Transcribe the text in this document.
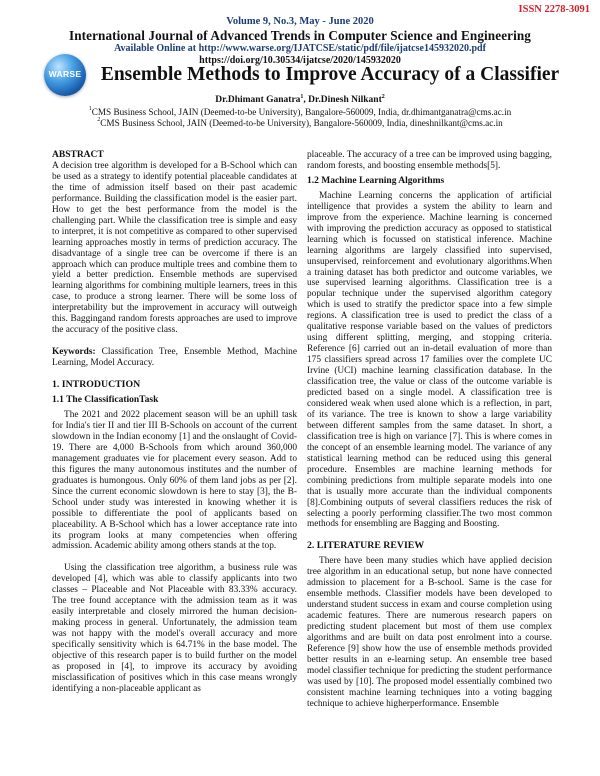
ISSN 2278-3091
Volume 9, No.3, May - June 2020
International Journal of Advanced Trends in Computer Science and Engineering
Available Online at http://www.warse.org/IJATCSE/static/pdf/file/ijatcse145932020.pdf
https://doi.org/10.30534/ijatcse/2020/145932020
WARSE Ensemble Methods to Improve Accuracy of a Classifier
Dr.Dhimant Ganatra$^1$, Dr.Dinesh Nilkant$^2$
$^1$CMS Business School, JAIN (Deemed-to-be University), Bangalore-560009, India, dr.dhimantganatra@cms.ac.in
$^2$CMS Business School, JAIN (Deemed-to-be University), Bangalore-560009, India, dineshnilkant@cms.ac.in

ABSTRACT

A decision tree algorithm is developed for a B-School which can be used as a strategy to identify potential placeable candidates at the time of admission itself based on their past academic performance. Building the classification model is the easier part. How to get the best performance from the model is the challenging part. While the classification tree is simple and easy to interpret, it is not competitive as compared to other supervised learning approaches mostly in terms of prediction accuracy. The disadvantage of a single tree can be overcome if there is an approach which can produce multiple trees and combine them to yield a better prediction. Ensemble methods are supervised learning algorithms for combining multiple learners, trees in this case, to produce a strong learner. There will be some loss of interpretability but the improvement in accuracy will outweigh this. Baggingand random forests approaches are used to improve the accuracy of the positive class.

Keywords: Classification Tree, Ensemble Method, Machine Learning, Model Accuracy.

1. INTRODUCTION

1.1 The ClassificationTask

The 2021 and 2022 placement season will be an uphill task for India's tier II and tier III B-Schools on account of the current slowdown in the Indian economy [1] and the onslaught of Covid-19. There are 4,000 B-Schools from which around 360,000 management graduates vie for placement every season. Add to this figures the many autonomous institutes and the number of graduates is humongous. Only 60% of them land jobs as per [2]. Since the current economic slowdown is here to stay [3], the B-School under study was interested in knowing whether it is possible to differentiate the pool of applicants based on placeability. A B-School which has a lower acceptance rate into its program looks at many competencies when offering admission. Academic ability among others stands at the top.

Using the classification tree algorithm, a business rule was developed [4], which was able to classify applicants into two classes – Placeable and Not Placeable with 83.33% accuracy. The tree found acceptance with the admission team as it was easily interpretable and closely mirrored the human decision-making process in general. Unfortunately, the admission team was not happy with the model's overall accuracy and more specifically sensitivity which is 64.71% in the base model. The objective of this research paper is to build further on the model as proposed in [4], to improve its accuracy by avoiding misclassification of positives which in this case means wrongly identifying a non-placeable applicant as

placeable. The accuracy of a tree can be improved using bagging, random forests, and boosting ensemble methods[5].

1.2 Machine Learning Algorithms

Machine Learning concerns the application of artificial intelligence that provides a system the ability to learn and improve from the experience. Machine learning is concerned with improving the prediction accuracy as opposed to statistical learning which is focussed on statistical inference. Machine learning algorithms are largely classified into supervised, unsupervised, reinforcement and evolutionary algorithms.When a training dataset has both predictor and outcome variables, we use supervised learning algorithms. Classification tree is a popular technique under the supervised algorithm category which is used to stratify the predictor space into a few simple regions. A classification tree is used to predict the class of a qualitative response variable based on the values of predictors using different splitting, merging, and stopping criteria. Reference [6] carried out an in-detail evaluation of more than 175 classifiers spread across 17 families over the complete UC Irvine (UCI) machine learning classification database. In the classification tree, the value or class of the outcome variable is predicted based on a single model. A classification tree is considered weak when used alone which is a reflection, in part, of its variance. The tree is known to show a large variability between different samples from the same dataset. In short, a classification tree is high on variance [7]. This is where comes in the concept of an ensemble learning model. The variance of any statistical learning method can be reduced using this general procedure. Ensembles are machine learning methods for combining predictions from multiple separate models into one that is usually more accurate than the individual components [8].Combining outputs of several classifiers reduces the risk of selecting a poorly performing classifier.The two most common methods for ensembling are Bagging and Boosting.

2. LITERATURE REVIEW

There have been many studies which have applied decision tree algorithm in an educational setup, but none have connected admission to placement for a B-school. Same is the case for ensemble methods. Classifier models have been developed to understand student success in exam and course completion using academic features. There are numerous research papers on predicting student placement but most of them use complex algorithms and are built on data post enrolment into a course. Reference [9] show how the use of ensemble methods provided better results in an e-learning setup. An ensemble tree based model classifier technique for predicting the student performance was used by [10]. The proposed model essentially combined two consistent machine learning techniques into a voting bagging technique to achieve higherperformance. Ensemble
